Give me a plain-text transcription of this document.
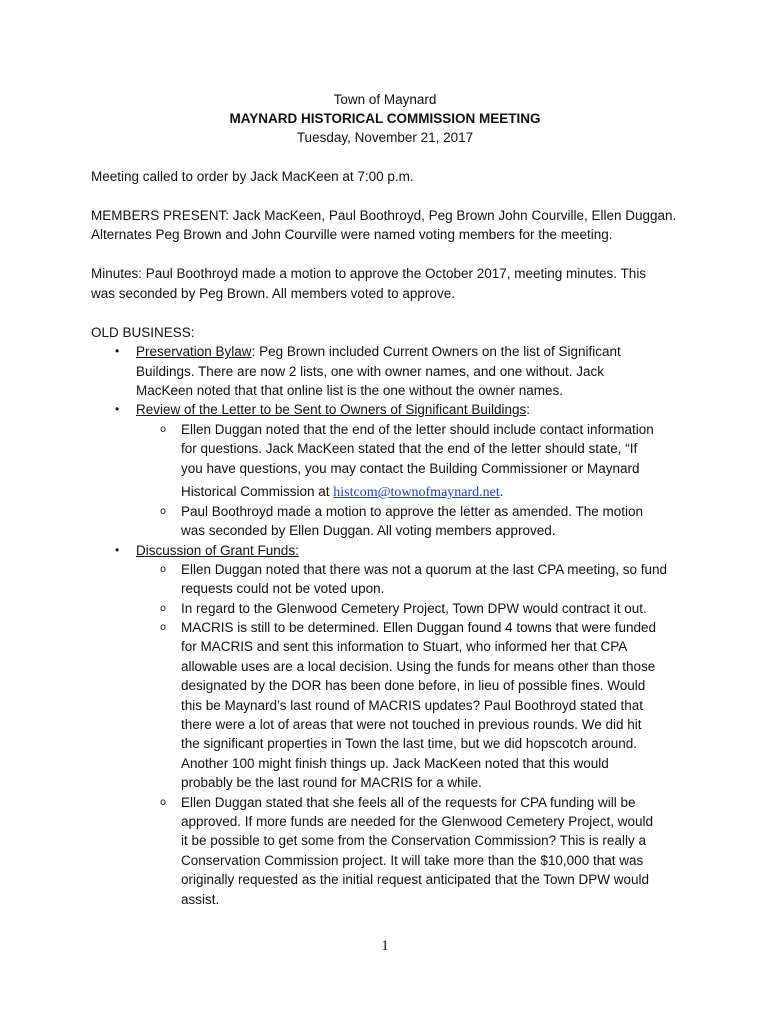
Town of Maynard
MAYNARD HISTORICAL COMMISSION MEETING
Tuesday, November 21, 2017
Meeting called to order by Jack MacKeen at 7:00 p.m.
MEMBERS PRESENT: Jack MacKeen, Paul Boothroyd, Peg Brown John Courville, Ellen Duggan.
Alternates Peg Brown and John Courville were named voting members for the meeting.
Minutes: Paul Boothroyd made a motion to approve the October 2017, meeting minutes. This
was seconded by Peg Brown. All members voted to approve.
OLD BUSINESS:
• Preservation Bylaw: Peg Brown included Current Owners on the list of Significant
Buildings. There are now 2 lists, one with owner names, and one without. Jack
MacKeen noted that that online list is the one without the owner names.
• Review of the Letter to be Sent to Owners of Significant Buildings:
o Ellen Duggan noted that the end of the letter should include contact information
for questions. Jack MacKeen stated that the end of the letter should state, “If
you have questions, you may contact the Building Commissioner or Maynard
Historical Commission at histcom@townofmaynard.net.
o Paul Boothroyd made a motion to approve the letter as amended. The motion
was seconded by Ellen Duggan. All voting members approved.
• Discussion of Grant Funds:
o Ellen Duggan noted that there was not a quorum at the last CPA meeting, so fund
requests could not be voted upon.
o In regard to the Glenwood Cemetery Project, Town DPW would contract it out.
o MACRIS is still to be determined. Ellen Duggan found 4 towns that were funded
for MACRIS and sent this information to Stuart, who informed her that CPA
allowable uses are a local decision. Using the funds for means other than those
designated by the DOR has been done before, in lieu of possible fines. Would
this be Maynard’s last round of MACRIS updates? Paul Boothroyd stated that
there were a lot of areas that were not touched in previous rounds. We did hit
the significant properties in Town the last time, but we did hopscotch around.
Another 100 might finish things up. Jack MacKeen noted that this would
probably be the last round for MACRIS for a while.
o Ellen Duggan stated that she feels all of the requests for CPA funding will be
approved. If more funds are needed for the Glenwood Cemetery Project, would
it be possible to get some from the Conservation Commission? This is really a
Conservation Commission project. It will take more than the $10,000 that was
originally requested as the initial request anticipated that the Town DPW would
assist.
1
